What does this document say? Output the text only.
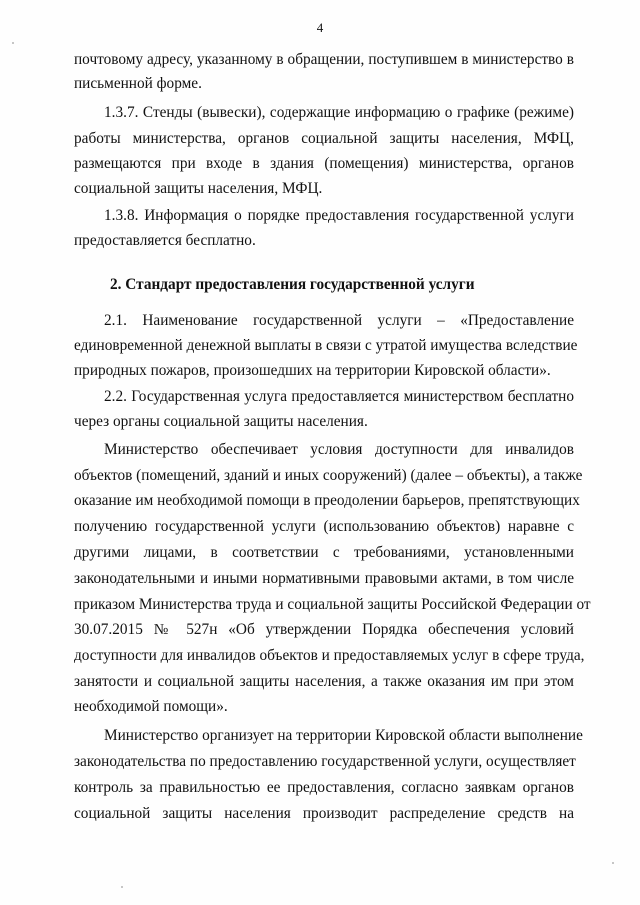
4
почтовому адресу, указанному в обращении, поступившем в министерство в
письменной форме.
1.3.7. Стенды (вывески), содержащие информацию о графике (режиме)
работы министерства, органов социальной защиты населения, МФЦ,
размещаются при входе в здания (помещения) министерства, органов
социальной защиты населения, МФЦ.
1.3.8. Информация о порядке предоставления государственной услуги
предоставляется бесплатно.
2. Стандарт предоставления государственной услуги
2.1. Наименование государственной услуги – «Предоставление
единовременной денежной выплаты в связи с утратой имущества вследствие
природных пожаров, произошедших на территории Кировской области».
2.2. Государственная услуга предоставляется министерством бесплатно
через органы социальной защиты населения.
Министерство обеспечивает условия доступности для инвалидов
объектов (помещений, зданий и иных сооружений) (далее – объекты), а также
оказание им необходимой помощи в преодолении барьеров, препятствующих
получению государственной услуги (использованию объектов) наравне с
другими лицами, в соответствии с требованиями, установленными
законодательными и иными нормативными правовыми актами, в том числе
приказом Министерства труда и социальной защиты Российской Федерации от
30.07.2015 № 527н «Об утверждении Порядка обеспечения условий
доступности для инвалидов объектов и предоставляемых услуг в сфере труда,
занятости и социальной защиты населения, а также оказания им при этом
необходимой помощи».
Министерство организует на территории Кировской области выполнение
законодательства по предоставлению государственной услуги, осуществляет
контроль за правильностью ее предоставления, согласно заявкам органов
социальной защиты населения производит распределение средств на
